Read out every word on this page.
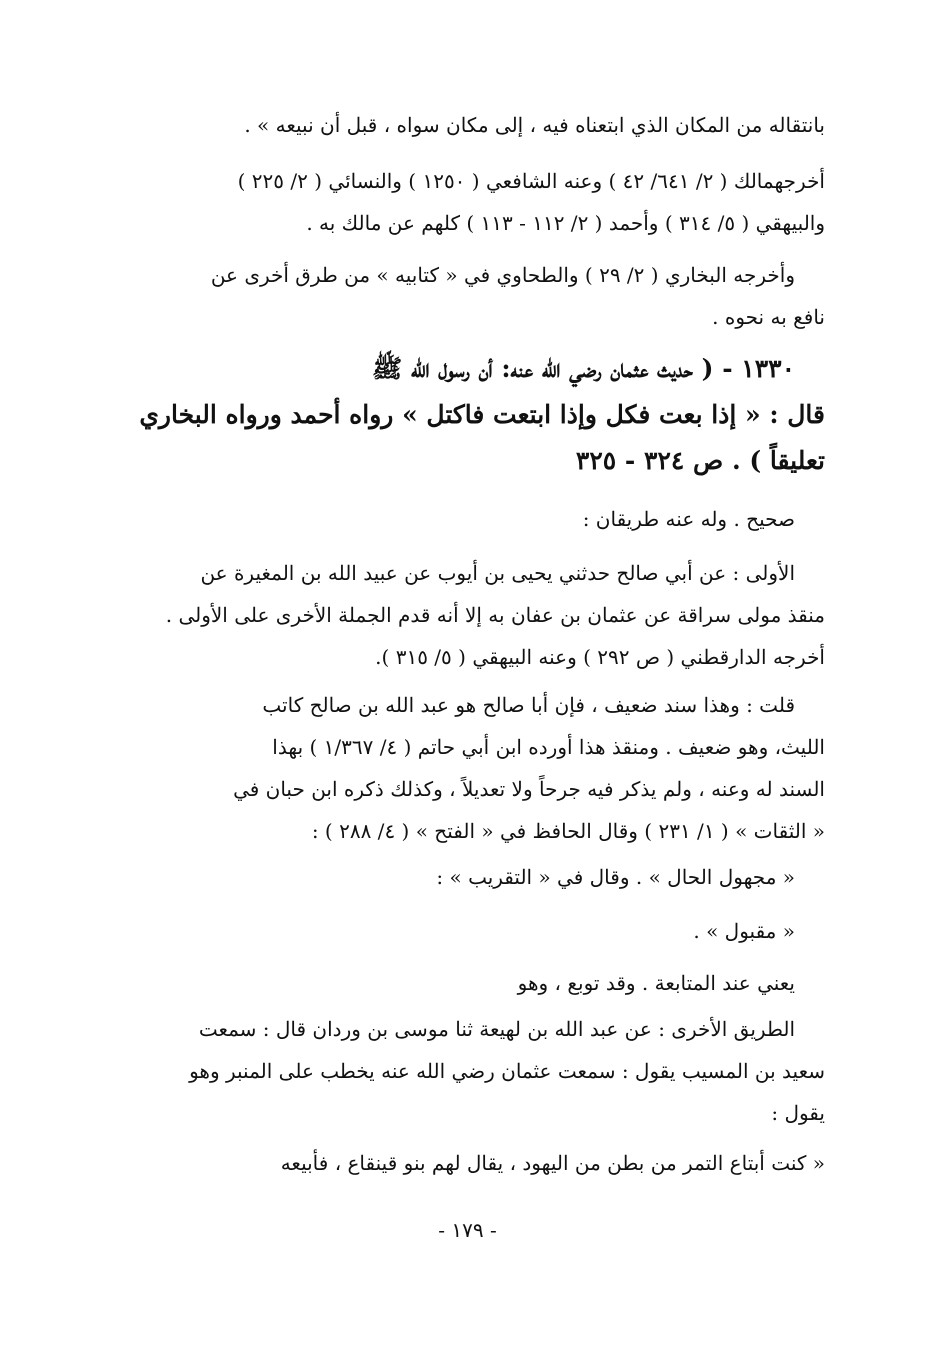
بانتقاله من المكان الذي ابتعناه فيه ، إلى مكان سواه ، قبل أن نبيعه » .
أخرجهمالك ( ٢/ ٦٤١/ ٤٢ ) وعنه الشافعي ( ١٢٥٠ ) والنسائي ( ٢/ ٢٢٥ )
والبيهقي ( ٥/ ٣١٤ ) وأحمد ( ٢/ ١١٢ - ١١٣ ) كلهم عن مالك به .
وأخرجه البخاري ( ٢/ ٢٩ ) والطحاوي في « كتابيه » من طرق أخرى عن
نافع به نحوه .
١٣٣٠ - ( حديث عثمان رضي الله عنه: أن رسول الله ﷺ
قال : « إذا بعت فكل وإذا ابتعت فاكتل » رواه أحمد ورواه البخاري
تعليقاً ) . ص ٣٢٤ - ٣٢٥
صحيح . وله عنه طريقان :
الأولى : عن أبي صالح حدثني يحيى بن أيوب عن عبيد الله بن المغيرة عن
منقذ مولى سراقة عن عثمان بن عفان به إلا أنه قدم الجملة الأخرى على الأولى .
أخرجه الدارقطني ( ص ٢٩٢ ) وعنه البيهقي ( ٥/ ٣١٥ ).
قلت : وهذا سند ضعيف ، فإن أبا صالح هو عبد الله بن صالح كاتب
الليث، وهو ضعيف . ومنقذ هذا أورده ابن أبي حاتم ( ٤/ ١/٣٦٧ ) بهذا
السند له وعنه ، ولم يذكر فيه جرحاً ولا تعديلاً ، وكذلك ذكره ابن حبان في
« الثقات » ( ١/ ٢٣١ ) وقال الحافظ في « الفتح » ( ٤/ ٢٨٨ ) :
« مجهول الحال » . وقال في « التقريب » :
« مقبول » .
يعني عند المتابعة . وقد توبع ، وهو
الطريق الأخرى : عن عبد الله بن لهيعة ثنا موسى بن وردان قال : سمعت
سعيد بن المسيب يقول : سمعت عثمان رضي الله عنه يخطب على المنبر وهو
يقول :
« كنت أبتاع التمر من بطن من اليهود ، يقال لهم بنو قينقاع ، فأبيعه
- ١٧٩ -
